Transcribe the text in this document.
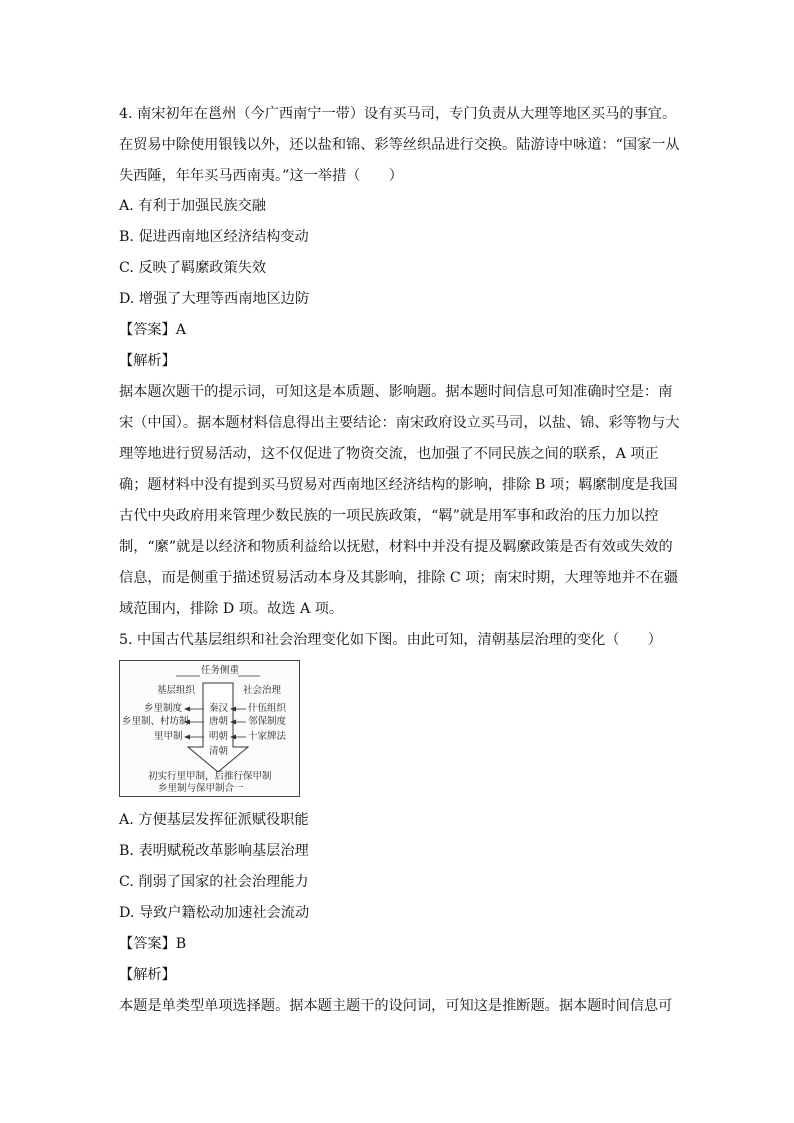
4. 南宋初年在邕州（今广西南宁一带）设有买马司，专门负责从大理等地区买马的事宜。
在贸易中除使用银钱以外，还以盐和锦、彩等丝织品进行交换。陆游诗中咏道：“国家一从
失西陲，年年买马西南夷。”这一举措（　　）
A. 有利于加强民族交融
B. 促进西南地区经济结构变动
C. 反映了羁縻政策失效
D. 增强了大理等西南地区边防
【答案】A
【解析】
据本题次题干的提示词，可知这是本质题、影响题。据本题时间信息可知准确时空是：南
宋（中国）。据本题材料信息得出主要结论：南宋政府设立买马司，以盐、锦、彩等物与大
理等地进行贸易活动，这不仅促进了物资交流，也加强了不同民族之间的联系，A 项正
确；题材料中没有提到买马贸易对西南地区经济结构的影响，排除 B 项；羁縻制度是我国
古代中央政府用来管理少数民族的一项民族政策，“羁”就是用军事和政治的压力加以控
制，“縻”就是以经济和物质利益给以抚慰，材料中并没有提及羁縻政策是否有效或失效的
信息，而是侧重于描述贸易活动本身及其影响，排除 C 项；南宋时期，大理等地并不在疆
域范围内，排除 D 项。故选 A 项。
5. 中国古代基层组织和社会治理变化如下图。由此可知，清朝基层治理的变化（　　）
任务侧重
基层组织	社会治理
乡里制度
乡里制、村坊制
里甲制
秦汉
唐朝
明朝
清朝
什伍组织
邻保制度
十家牌法
初实行里甲制，后推行保甲制
乡里制与保甲制合一
A. 方便基层发挥征派赋役职能
B. 表明赋税改革影响基层治理
C. 削弱了国家的社会治理能力
D. 导致户籍松动加速社会流动
【答案】B
【解析】
本题是单类型单项选择题。据本题主题干的设问词，可知这是推断题。据本题时间信息可
